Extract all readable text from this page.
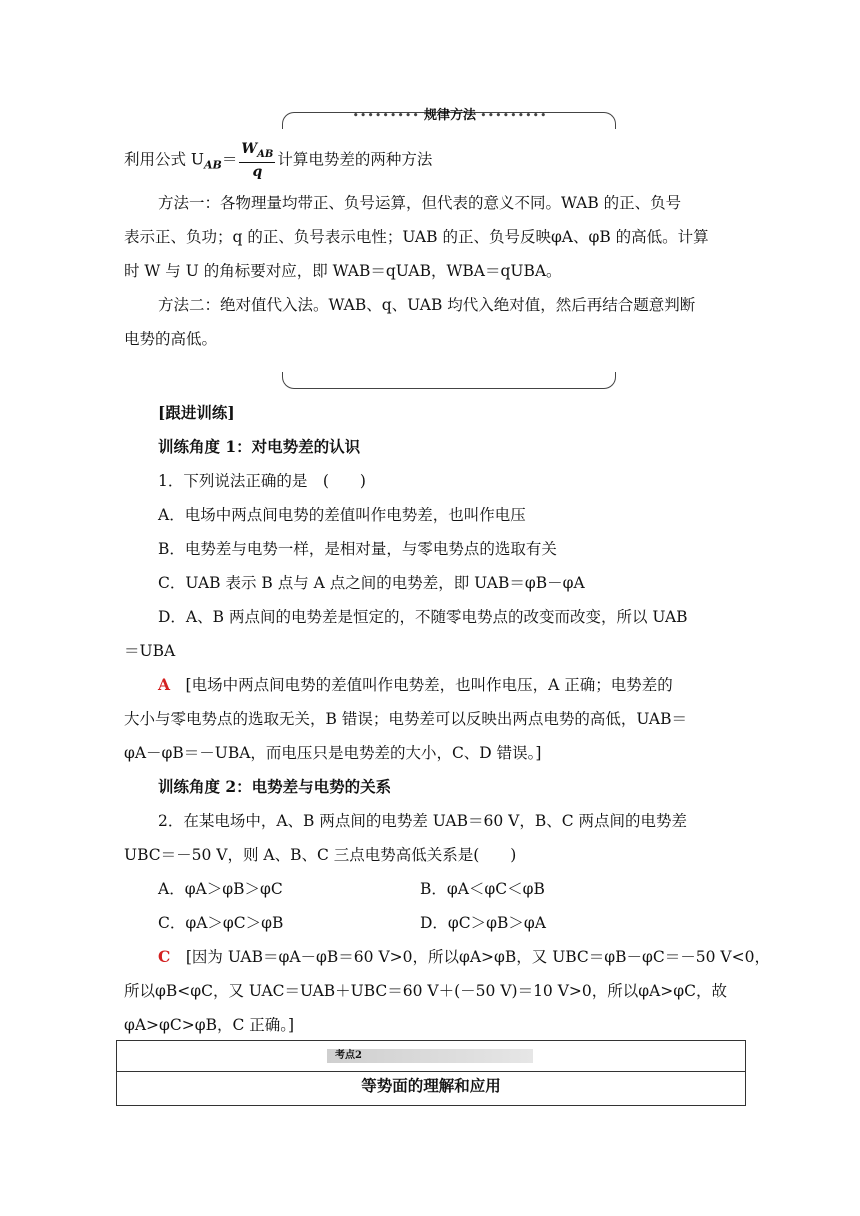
••••••••• 规律方法 •••••••••
利用公式 $U_{AB}= \frac{W_{AB}}{q}$ 计算电势差的两种方法
方法一：各物理量均带正、负号运算，但代表的意义不同。WAB 的正、负号
表示正、负功；q 的正、负号表示电性；UAB 的正、负号反映φA、φB 的高低。计算
时 W 与 U 的角标要对应，即 WAB＝qUAB，WBA＝qUBA。
方法二：绝对值代入法。WAB、q、UAB 均代入绝对值，然后再结合题意判断
电势的高低。
[跟进训练]
训练角度 1：对电势差的认识
1．下列说法正确的是　(　　)
A．电场中两点间电势的差值叫作电势差，也叫作电压
B．电势差与电势一样，是相对量，与零电势点的选取有关
C．UAB 表示 B 点与 A 点之间的电势差，即 UAB＝φB－φA
D．A、B 两点间的电势差是恒定的，不随零电势点的改变而改变，所以 UAB
＝UBA
A　 [电场中两点间电势的差值叫作电势差，也叫作电压，A 正确；电势差的
大小与零电势点的选取无关，B 错误；电势差可以反映出两点电势的高低，UAB＝
φA－φB＝－UBA，而电压只是电势差的大小，C、D 错误。]
训练角度 2：电势差与电势的关系
2．在某电场中，A、B 两点间的电势差 UAB＝60 V，B、C 两点间的电势差
UBC＝－50 V，则 A、B、C 三点电势高低关系是(　　)
A．φA＞φB＞φC	B．φA＜φC＜φB
C．φA＞φC＞φB	D．φC＞φB＞φA
C　 [因为 UAB＝φA－φB＝60 V>0，所以φA>φB，又 UBC＝φB－φC＝－50 V<0，
所以φB<φC，又 UAC＝UAB＋UBC＝60 V＋(－50 V)＝10 V>0，所以φA>φC，故
φA>φC>φB，C 正确。]
考点2
等势面的理解和应用
